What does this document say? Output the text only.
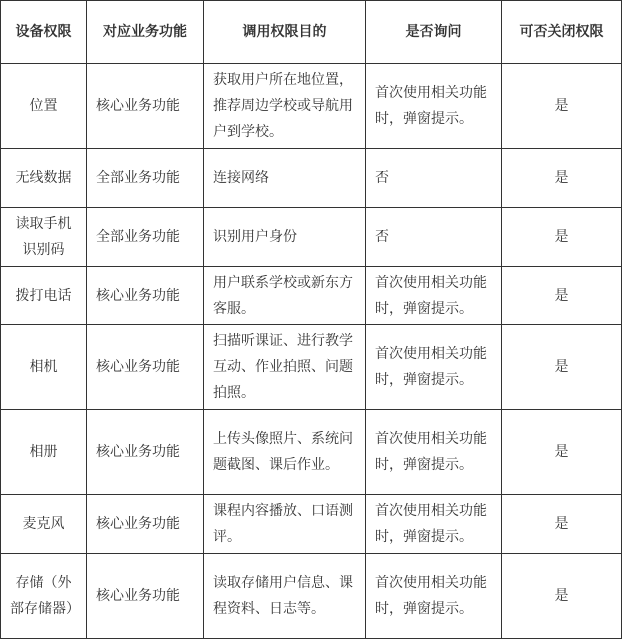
设备权限	对应业务功能	调用权限目的	是否询问	可否关闭权限
位置	核心业务功能	获取用户所在地位置，推荐周边学校或导航用户到学校。	首次使用相关功能时，弹窗提示。	是
无线数据	全部业务功能	连接网络	否	是
读取手机识别码	全部业务功能	识别用户身份	否	是
拨打电话	核心业务功能	用户联系学校或新东方客服。	首次使用相关功能时，弹窗提示。	是
相机	核心业务功能	扫描听课证、进行教学互动、作业拍照、问题拍照。	首次使用相关功能时，弹窗提示。	是
相册	核心业务功能	上传头像照片、系统问题截图、课后作业。	首次使用相关功能时，弹窗提示。	是
麦克风	核心业务功能	课程内容播放、口语测评。	首次使用相关功能时，弹窗提示。	是
存储（外部存储器）	核心业务功能	读取存储用户信息、课程资料、日志等。	首次使用相关功能时，弹窗提示。	是
